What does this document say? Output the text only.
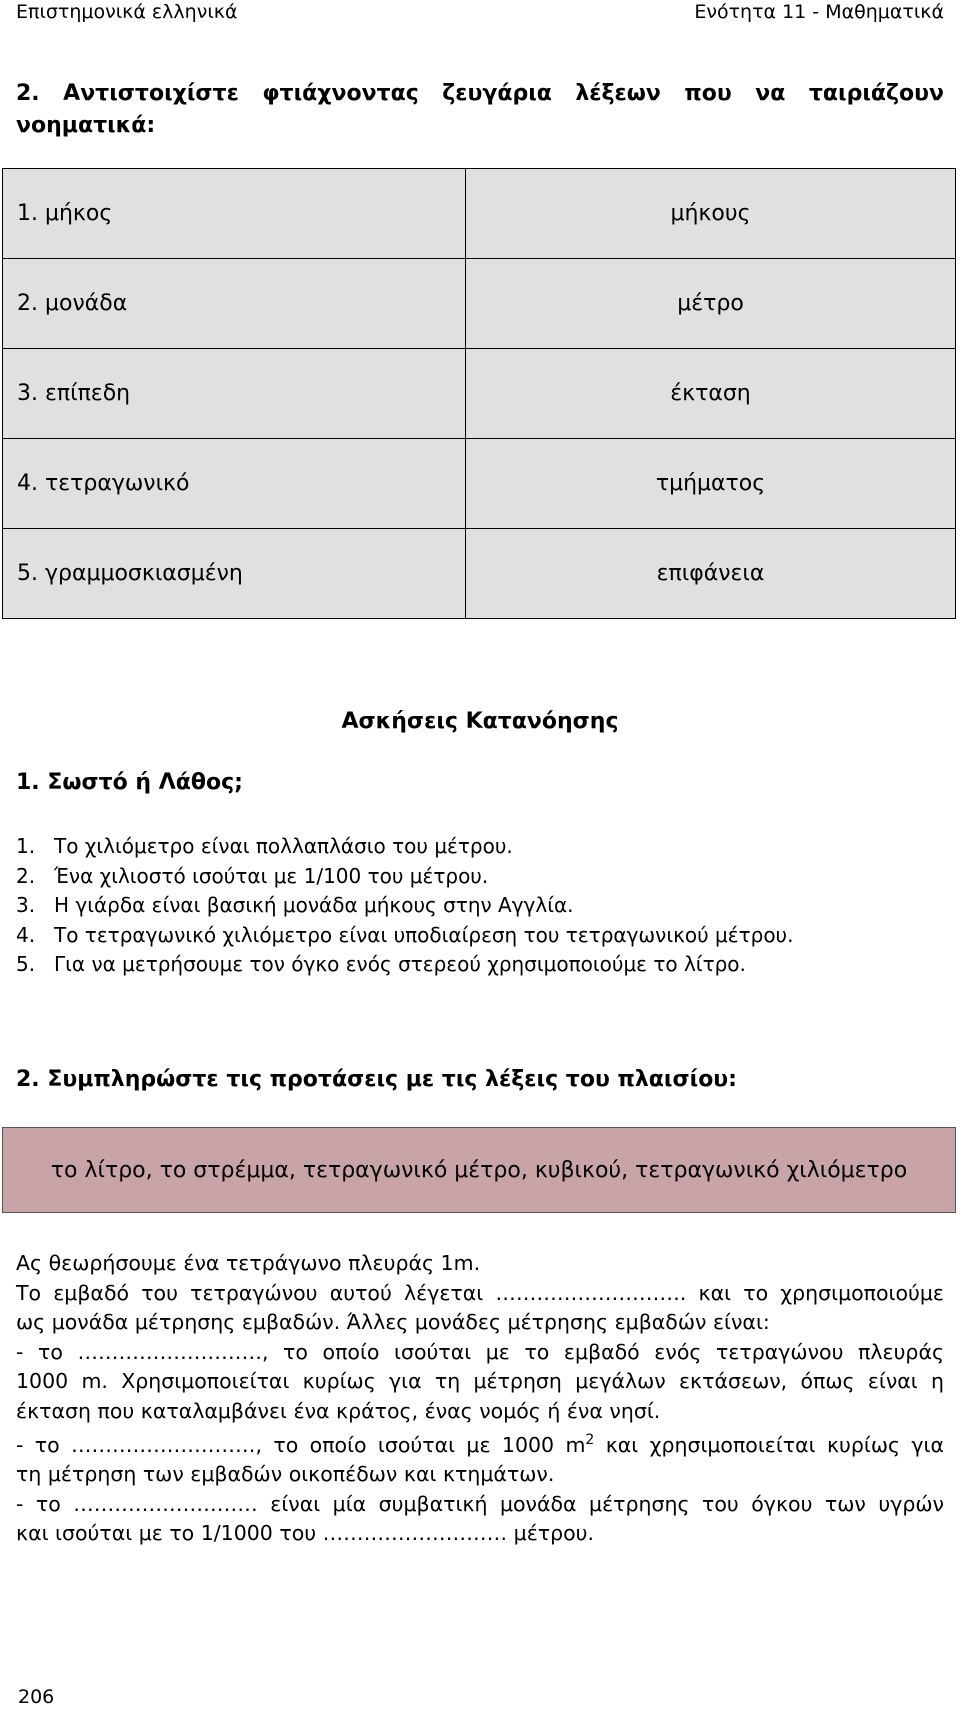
Επιστημονικά ελληνικά	Ενότητα 11 - Μαθηματικά
2. Αντιστοιχίστε φτιάχνοντας ζευγάρια λέξεων που να ταιριάζουν
νοηματικά:
1. μήκος	μήκους
2. μονάδα	μέτρο
3. επίπεδη	έκταση
4. τετραγωνικό	τμήματος
5. γραμμοσκιασμένη	επιφάνεια
Ασκήσεις Κατανόησης
1. Σωστό ή Λάθος;
1. Το χιλιόμετρο είναι πολλαπλάσιο του μέτρου.
2. Ένα χιλιοστό ισούται με 1/100 του μέτρου.
3. Η γιάρδα είναι βασική μονάδα μήκους στην Αγγλία.
4. Το τετραγωνικό χιλιόμετρο είναι υποδιαίρεση του τετραγωνικού μέτρου.
5. Για να μετρήσουμε τον όγκο ενός στερεού χρησιμοποιούμε το λίτρο.
2. Συμπληρώστε τις προτάσεις με τις λέξεις του πλαισίου:
το λίτρο, το στρέμμα, τετραγωνικό μέτρο, κυβικού, τετραγωνικό χιλιόμετρο

Ας θεωρήσουμε ένα τετράγωνο πλευράς 1m.

Το εμβαδό του τετραγώνου αυτού λέγεται ………………………. και το χρησιμοποιούμε

ως μονάδα μέτρησης εμβαδών. Άλλες μονάδες μέτρησης εμβαδών είναι:

- το ………………………, το οποίο ισούται με το εμβαδό ενός τετραγώνου πλευράς

1000 m. Χρησιμοποιείται κυρίως για τη μέτρηση μεγάλων εκτάσεων, όπως είναι η

έκταση που καταλαμβάνει ένα κράτος, ένας νομός ή ένα νησί.

- το ………………………, το οποίο ισούται με 1000 $m^2$ και χρησιμοποιείται κυρίως για

τη μέτρηση των εμβαδών οικοπέδων και κτημάτων.

- το ……………………… είναι μία συμβατική μονάδα μέτρησης του όγκου των υγρών

και ισούται με το 1/1000 του ……………………… μέτρου.

206
